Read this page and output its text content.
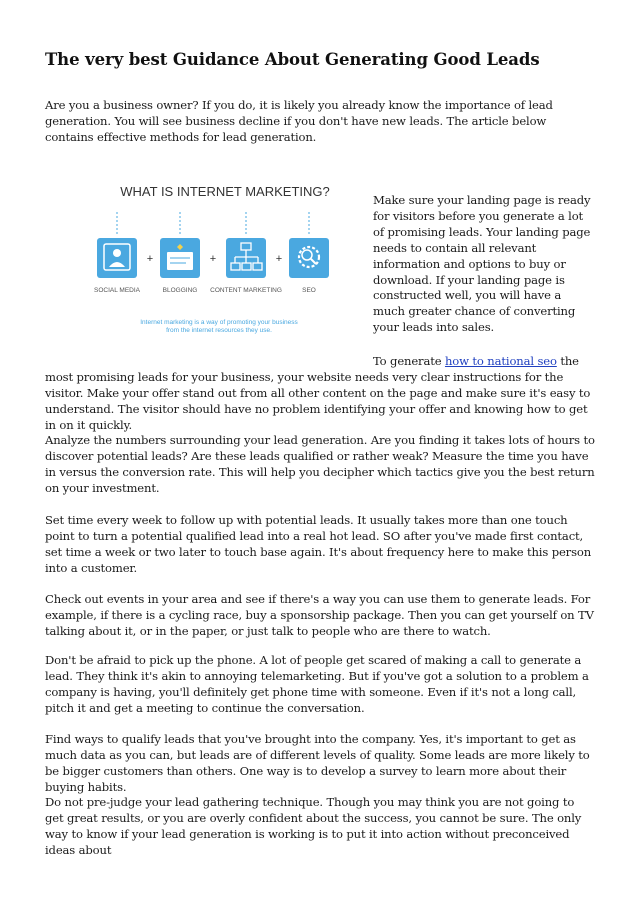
The very best Guidance About Generating Good Leads

Are you a business owner? If you do, it is likely you already know the importance of lead generation. You will see business decline if you don't have new leads. The article below contains effective methods for lead generation.

WHAT IS INTERNET MARKETING?
+	+	+
SOCIAL MEDIA	BLOGGING CONTENT MARKETING	SEO
Internet marketing is a way of promoting your business
from the internet resources they use.

Make sure your landing page is ready for visitors before you generate a lot of promising leads. Your landing page needs to contain all relevant information and options to buy or download. If your landing page is constructed well, you will have a much greater chance of converting your leads into sales.

To generate how to national seo the
most promising leads for your business, your website needs very clear instructions for the visitor. Make your offer stand out from all other content on the page and make sure it's easy to understand. The visitor should have no problem identifying your offer and knowing how to get in on it quickly.

Analyze the numbers surrounding your lead generation. Are you finding it takes lots of hours to discover potential leads? Are these leads qualified or rather weak? Measure the time you have in versus the conversion rate. This will help you decipher which tactics give you the best return on your investment.

Set time every week to follow up with potential leads. It usually takes more than one touch point to turn a potential qualified lead into a real hot lead. SO after you've made first contact, set time a week or two later to touch base again. It's about frequency here to make this person into a customer.

Check out events in your area and see if there's a way you can use them to generate leads. For example, if there is a cycling race, buy a sponsorship package. Then you can get yourself on TV talking about it, or in the paper, or just talk to people who are there to watch.

Don't be afraid to pick up the phone. A lot of people get scared of making a call to generate a lead. They think it's akin to annoying telemarketing. But if you've got a solution to a problem a company is having, you'll definitely get phone time with someone. Even if it's not a long call, pitch it and get a meeting to continue the conversation.

Find ways to qualify leads that you've brought into the company. Yes, it's important to get as much data as you can, but leads are of different levels of quality. Some leads are more likely to be bigger customers than others. One way is to develop a survey to learn more about their buying habits.

Do not pre-judge your lead gathering technique. Though you may think you are not going to get great results, or you are overly confident about the success, you cannot be sure. The only way to know if your lead generation is working is to put it into action without preconceived ideas about
